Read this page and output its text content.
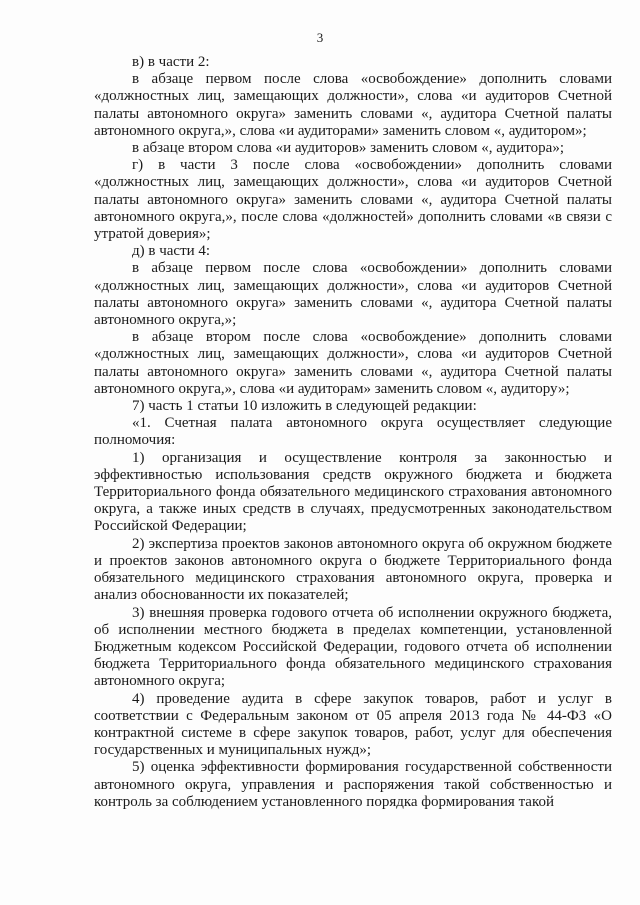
3

в) в части 2:

в абзаце первом после слова «освобождение» дополнить словами «должностных лиц, замещающих должности», слова «и аудиторов Счетной палаты автономного округа» заменить словами «, аудитора Счетной палаты автономного округа,», слова «и аудиторами» заменить словом «, аудитором»;

в абзаце втором слова «и аудиторов» заменить словом «, аудитора»;

г) в части 3 после слова «освобождении» дополнить словами «должностных лиц, замещающих должности», слова «и аудиторов Счетной палаты автономного округа» заменить словами «, аудитора Счетной палаты автономного округа,», после слова «должностей» дополнить словами «в связи с утратой доверия»;

д) в части 4:

в абзаце первом после слова «освобождении» дополнить словами «должностных лиц, замещающих должности», слова «и аудиторов Счетной палаты автономного округа» заменить словами «, аудитора Счетной палаты автономного округа,»;

в абзаце втором после слова «освобождение» дополнить словами «должностных лиц, замещающих должности», слова «и аудиторов Счетной палаты автономного округа» заменить словами «, аудитора Счетной палаты автономного округа,», слова «и аудиторам» заменить словом «, аудитору»;

7) часть 1 статьи 10 изложить в следующей редакции:

«1. Счетная палата автономного округа осуществляет следующие полномочия:

1) организация и осуществление контроля за законностью и эффективностью использования средств окружного бюджета и бюджета Территориального фонда обязательного медицинского страхования автономного округа, а также иных средств в случаях, предусмотренных законодательством Российской Федерации;

2) экспертиза проектов законов автономного округа об окружном бюджете и проектов законов автономного округа о бюджете Территориального фонда обязательного медицинского страхования автономного округа, проверка и анализ обоснованности их показателей;

3) внешняя проверка годового отчета об исполнении окружного бюджета, об исполнении местного бюджета в пределах компетенции, установленной Бюджетным кодексом Российской Федерации, годового отчета об исполнении бюджета Территориального фонда обязательного медицинского страхования автономного округа;

4) проведение аудита в сфере закупок товаров, работ и услуг в соответствии с Федеральным законом от 05 апреля 2013 года № 44-ФЗ «О контрактной системе в сфере закупок товаров, работ, услуг для обеспечения государственных и муниципальных нужд»;

5) оценка эффективности формирования государственной собственности автономного округа, управления и распоряжения такой собственностью и контроль за соблюдением установленного порядка формирования такой
